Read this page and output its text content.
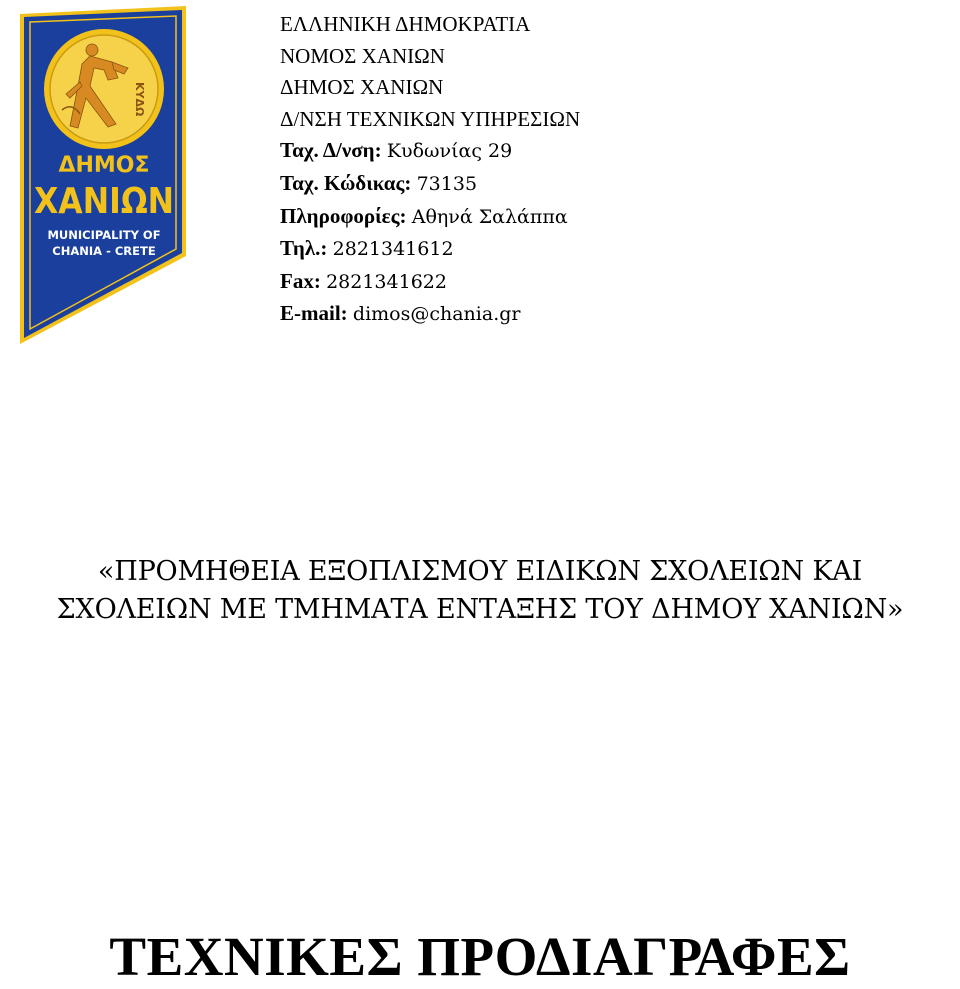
ΚΥΔΩ
ΔΗΜΟΣ
ΧΑΝΙΩΝ
MUNICIPALITY OF
CHANIA - CRETE
ΕΛΛΗΝΙΚΗ ΔΗΜΟΚΡΑΤΙΑ
ΝΟΜΟΣ ΧΑΝΙΩΝ
ΔΗΜΟΣ ΧΑΝΙΩΝ
Δ/ΝΣΗ ΤΕΧΝΙΚΩΝ ΥΠΗΡΕΣΙΩΝ
Ταχ. Δ/νση: Κυδωνίας 29
Ταχ. Κώδικας: 73135
Πληροφορίες: Αθηνά Σαλάππα
Τηλ.: 2821341612
Fax: 2821341622
E-mail: dimos@chania.gr
«ΠΡΟΜΗΘΕΙΑ ΕΞΟΠΛΙΣΜΟΥ ΕΙΔΙΚΩΝ ΣΧΟΛΕΙΩΝ ΚΑΙ
ΣΧΟΛΕΙΩΝ ΜΕ ΤΜΗΜΑΤΑ ΕΝΤΑΞΗΣ ΤΟΥ ΔΗΜΟΥ ΧΑΝΙΩΝ»
ΤΕΧΝΙΚΕΣ ΠΡΟΔΙΑΓΡΑΦΕΣ
